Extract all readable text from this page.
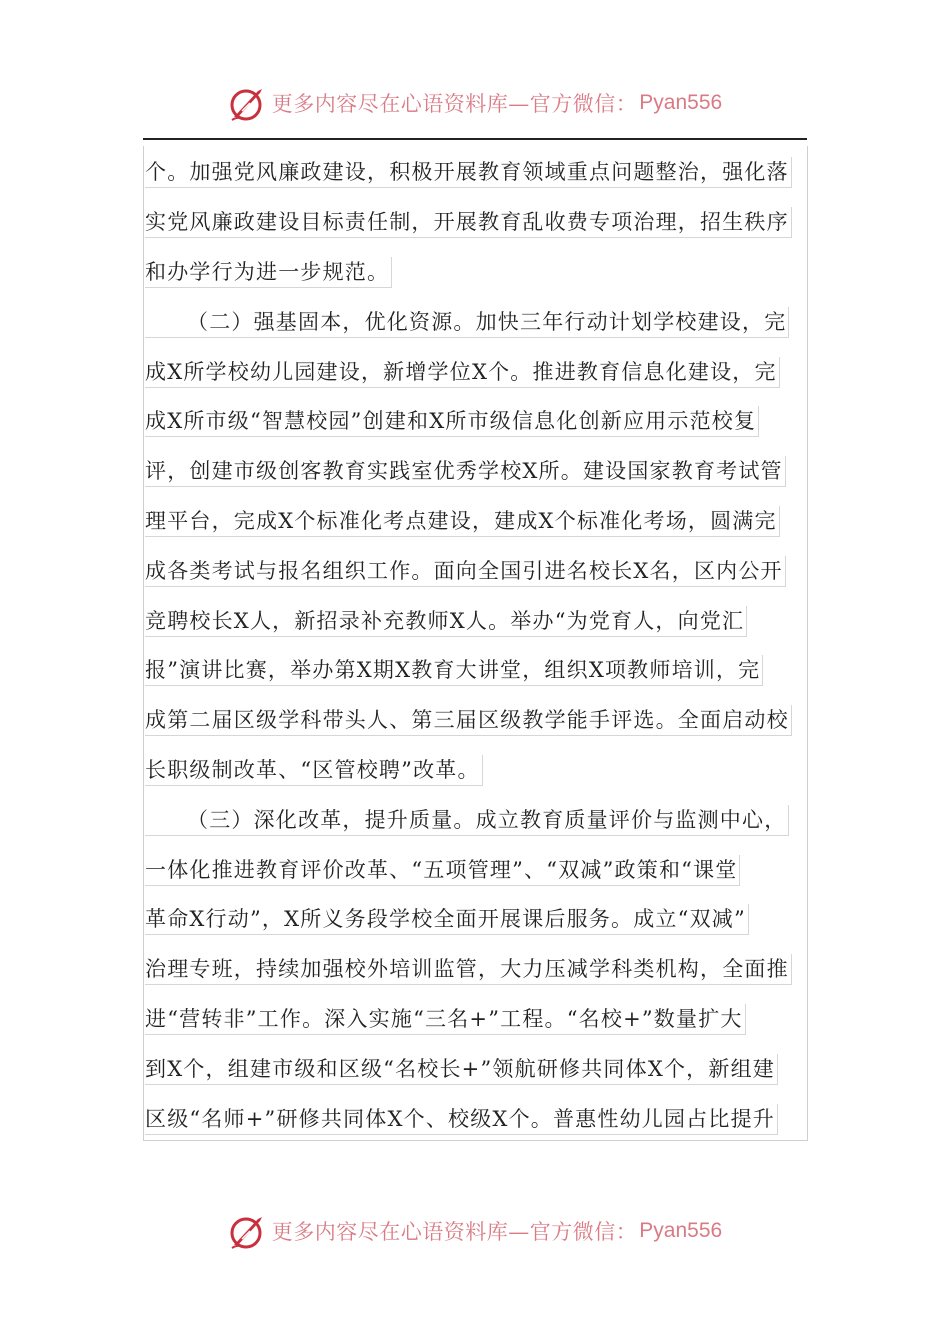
更多内容尽在心语资料库—官方微信： Pyan556
个。加强党风廉政建设，积极开展教育领域重点问题整治，强化落
实党风廉政建设目标责任制，开展教育乱收费专项治理，招生秩序
和办学行为进一步规范。
（二）强基固本，优化资源。加快三年行动计划学校建设，完
成X所学校幼儿园建设，新增学位X个。推进教育信息化建设，完
成X所市级“智慧校园”创建和X所市级信息化创新应用示范校复
评，创建市级创客教育实践室优秀学校X所。建设国家教育考试管
理平台，完成X个标准化考点建设，建成X个标准化考场，圆满完
成各类考试与报名组织工作。面向全国引进名校长X名，区内公开
竞聘校长X人，新招录补充教师X人。举办“为党育人，向党汇
报”演讲比赛，举办第X期X教育大讲堂，组织X项教师培训，完
成第二届区级学科带头人、第三届区级教学能手评选。全面启动校
长职级制改革、“区管校聘”改革。
（三）深化改革，提升质量。成立教育质量评价与监测中心，
一体化推进教育评价改革、“五项管理”、“双减”政策和“课堂
革命X行动”，X所义务段学校全面开展课后服务。成立“双减”
治理专班，持续加强校外培训监管，大力压减学科类机构，全面推
进“营转非”工作。深入实施“三名+”工程。“名校+”数量扩大
到X个，组建市级和区级“名校长+”领航研修共同体X个，新组建
区级“名师+”研修共同体X个、校级X个。普惠性幼儿园占比提升
更多内容尽在心语资料库—官方微信： Pyan556
